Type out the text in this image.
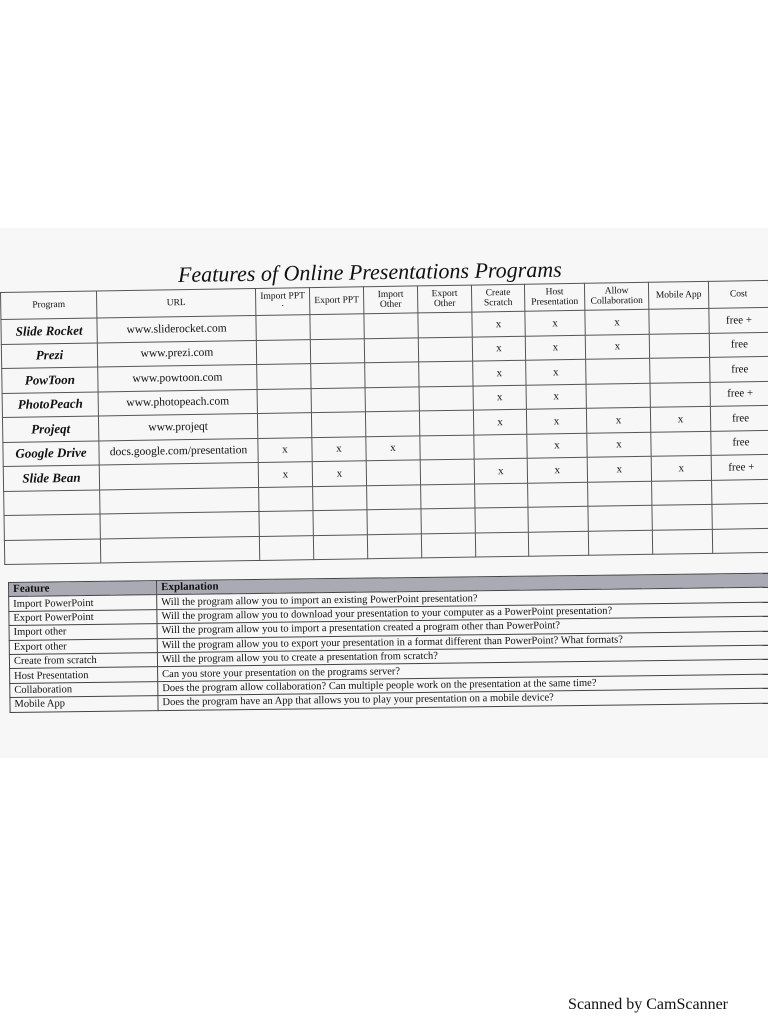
Features of Online Presentations Programs
Program	URL	Import PPT ·	Export PPT	Import Other	Export Other	Create Scratch	Host Presentation	Allow Collaboration	Mobile App	Cost
Slide Rocket	www.sliderocket.com					x	x	x		free +
Prezi	www.prezi.com					x	x	x		free
PowToon	www.powtoon.com					x	x			free
PhotoPeach	www.photopeach.com					x	x			free +
Projeqt	www.projeqt					x	x	x	x	free
Google Drive	docs.google.com/presentation	x	x	x			x	x		free
Slide Bean		x	x			x	x	x	x	free +

Feature	Explanation
Import PowerPoint	Will the program allow you to import an existing PowerPoint presentation?
Export PowerPoint	Will the program allow you to download your presentation to your computer as a PowerPoint presentation?
Import other	Will the program allow you to import a presentation created a program other than PowerPoint?
Export other	Will the program allow you to export your presentation in a format different than PowerPoint? What formats?
Create from scratch	Will the program allow you to create a presentation from scratch?
Host Presentation	Can you store your presentation on the programs server?
Collaboration	Does the program allow collaboration? Can multiple people work on the presentation at the same time?
Mobile App	Does the program have an App that allows you to play your presentation on a mobile device?
Scanned by CamScanner
